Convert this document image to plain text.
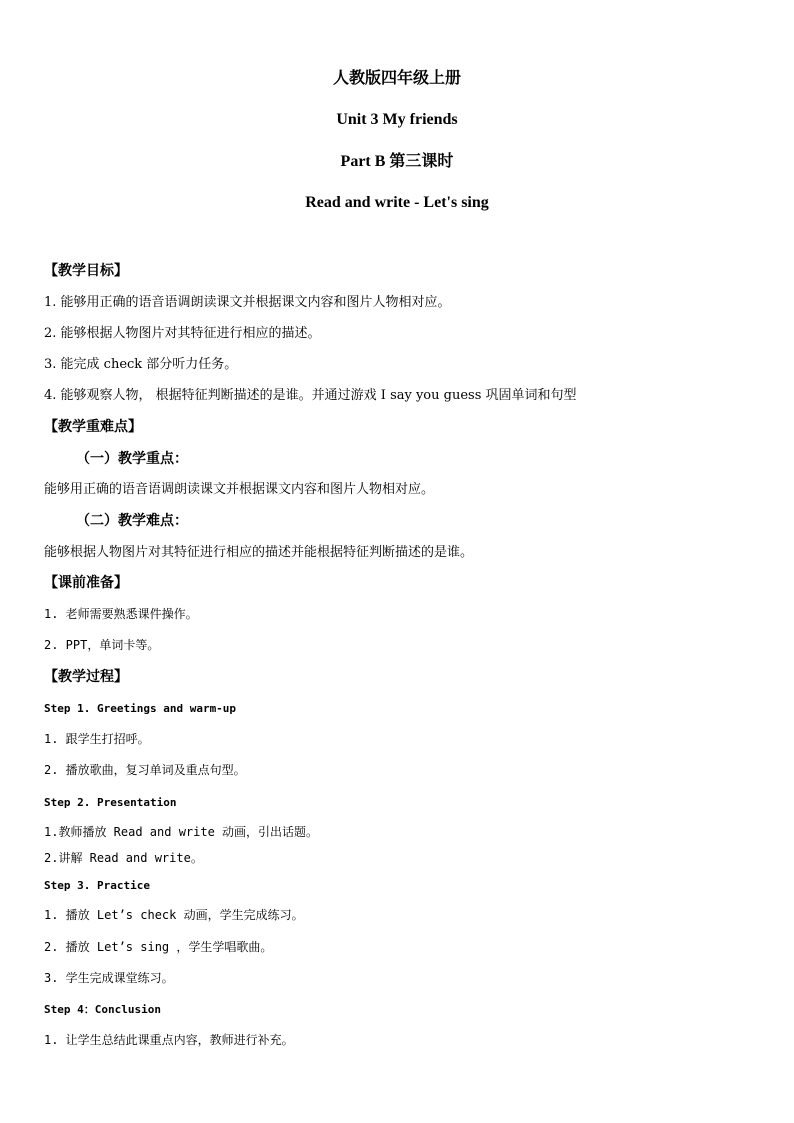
人教版四年级上册
Unit 3 My friends
Part B 第三课时
Read and write - Let's sing
【教学目标】
1. 能够用正确的语音语调朗读课文并根据课文内容和图片人物相对应。
2. 能够根据人物图片对其特征进行相应的描述。
3. 能完成 check 部分听力任务。
4. 能够观察人物， 根据特征判断描述的是谁。并通过游戏 I say you guess 巩固单词和句型
【教学重难点】
（一）教学重点：
能够用正确的语音语调朗读课文并根据课文内容和图片人物相对应。
（二）教学难点：
能够根据人物图片对其特征进行相应的描述并能根据特征判断描述的是谁。
【课前准备】
1. 老师需要熟悉课件操作。
2. PPT，单词卡等。
【教学过程】
Step 1. Greetings and warm-up
1. 跟学生打招呼。
2. 播放歌曲，复习单词及重点句型。
Step 2. Presentation
1.教师播放 Read and write 动画，引出话题。
2.讲解 Read and write。
Step 3. Practice
1. 播放 Let’s check 动画，学生完成练习。
2. 播放 Let’s sing ，学生学唱歌曲。
3. 学生完成课堂练习。
Step 4：Conclusion
1. 让学生总结此课重点内容，教师进行补充。
